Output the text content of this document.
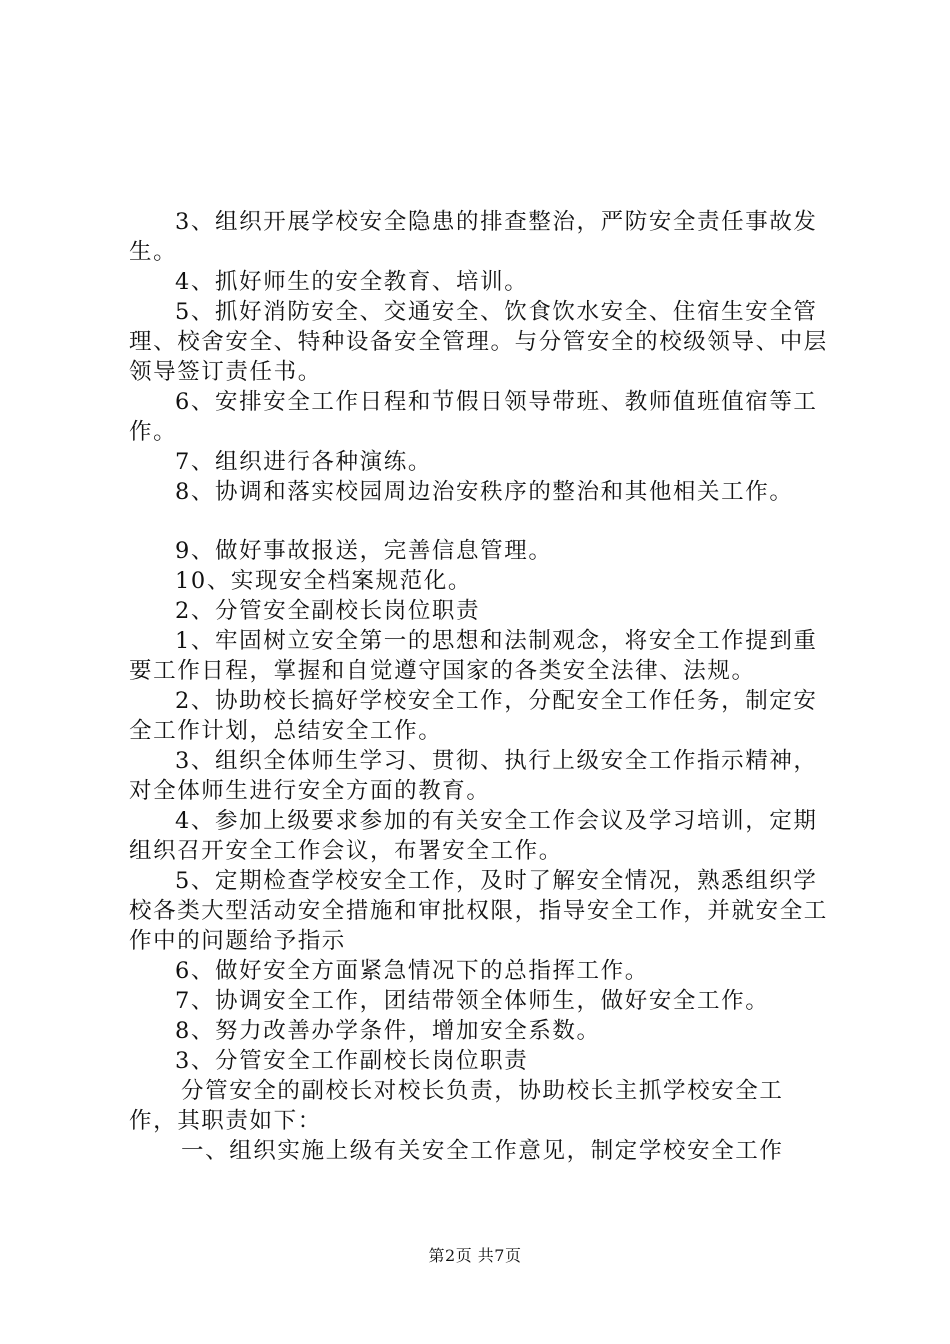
3、组织开展学校安全隐患的排查整治，严防安全责任事故发生。

4、抓好师生的安全教育、培训。

5、抓好消防安全、交通安全、饮食饮水安全、住宿生安全管理、校舍安全、特种设备安全管理。与分管安全的校级领导、中层领导签订责任书。

6、安排安全工作日程和节假日领导带班、教师值班值宿等工作。

7、组织进行各种演练。

8、协调和落实校园周边治安秩序的整治和其他相关工作。

9、做好事故报送，完善信息管理。

10、实现安全档案规范化。

2、分管安全副校长岗位职责

1、牢固树立安全第一的思想和法制观念，将安全工作提到重要工作日程，掌握和自觉遵守国家的各类安全法律、法规。

2、协助校长搞好学校安全工作，分配安全工作任务，制定安全工作计划，总结安全工作。

3、组织全体师生学习、贯彻、执行上级安全工作指示精神，对全体师生进行安全方面的教育。

4、参加上级要求参加的有关安全工作会议及学习培训，定期组织召开安全工作会议，布署安全工作。

5、定期检查学校安全工作，及时了解安全情况，熟悉组织学校各类大型活动安全措施和审批权限，指导安全工作，并就安全工作中的问题给予指示

6、做好安全方面紧急情况下的总指挥工作。

7、协调安全工作，团结带领全体师生，做好安全工作。

8、努力改善办学条件，增加安全系数。

3、分管安全工作副校长岗位职责

分管安全的副校长对校长负责，协助校长主抓学校安全工作，其职责如下：

一、组织实施上级有关安全工作意见，制定学校安全工作

第2页 共7页
